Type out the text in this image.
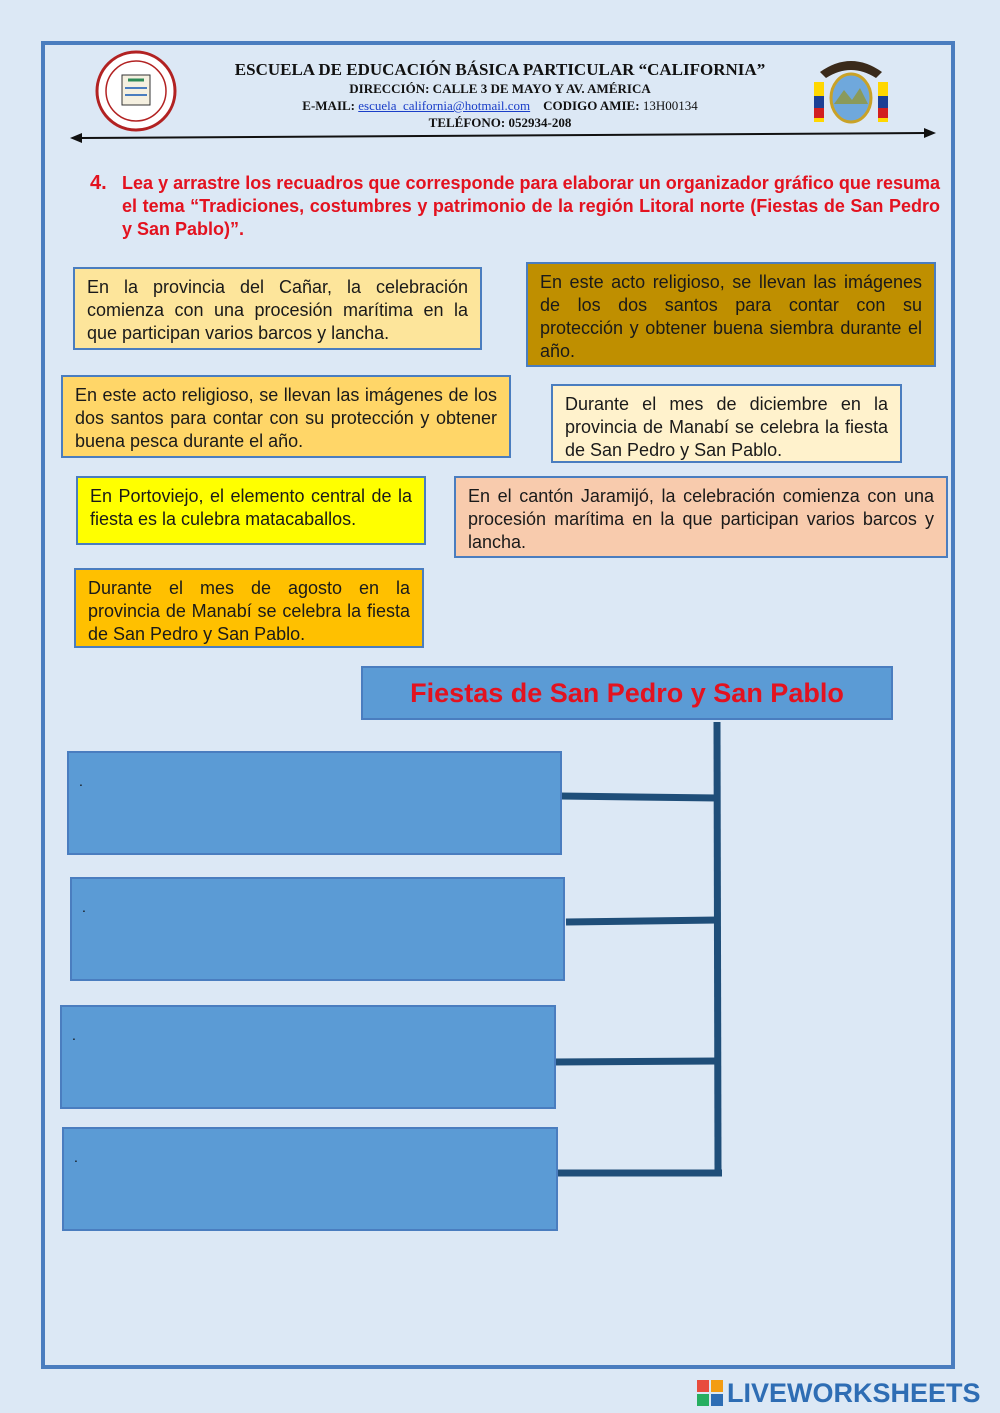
ESCUELA DE EDUCACIÓN BÁSICA PARTICULAR “CALIFORNIA”
DIRECCIÓN: CALLE 3 DE MAYO Y AV. AMÉRICA
E-MAIL: escuela_california@hotmail.com CODIGO AMIE: 13H00134
TELÉFONO: 052934-208
4. Lea y arrastre los recuadros que corresponde para elaborar un organizador gráfico que resuma el tema “Tradiciones, costumbres y patrimonio de la región Litoral norte (Fiestas de San Pedro y San Pablo)”.
En la provincia del Cañar, la celebración comienza con una procesión marítima en la que participan varios barcos y lancha.
En este acto religioso, se llevan las imágenes de los dos santos para contar con su protección y obtener buena siembra durante el año.
En este acto religioso, se llevan las imágenes de los dos santos para contar con su protección y obtener buena pesca durante el año.
Durante el mes de diciembre en la provincia de Manabí se celebra la fiesta de San Pedro y San Pablo.
En Portoviejo, el elemento central de la fiesta es la culebra matacaballos.
En el cantón Jaramijó, la celebración comienza con una procesión marítima en la que participan varios barcos y lancha.
Durante el mes de agosto en la provincia de Manabí se celebra la fiesta de San Pedro y San Pablo.
Fiestas de San Pedro y San Pablo
.
.
.
.
LIVEWORKSHEETS
